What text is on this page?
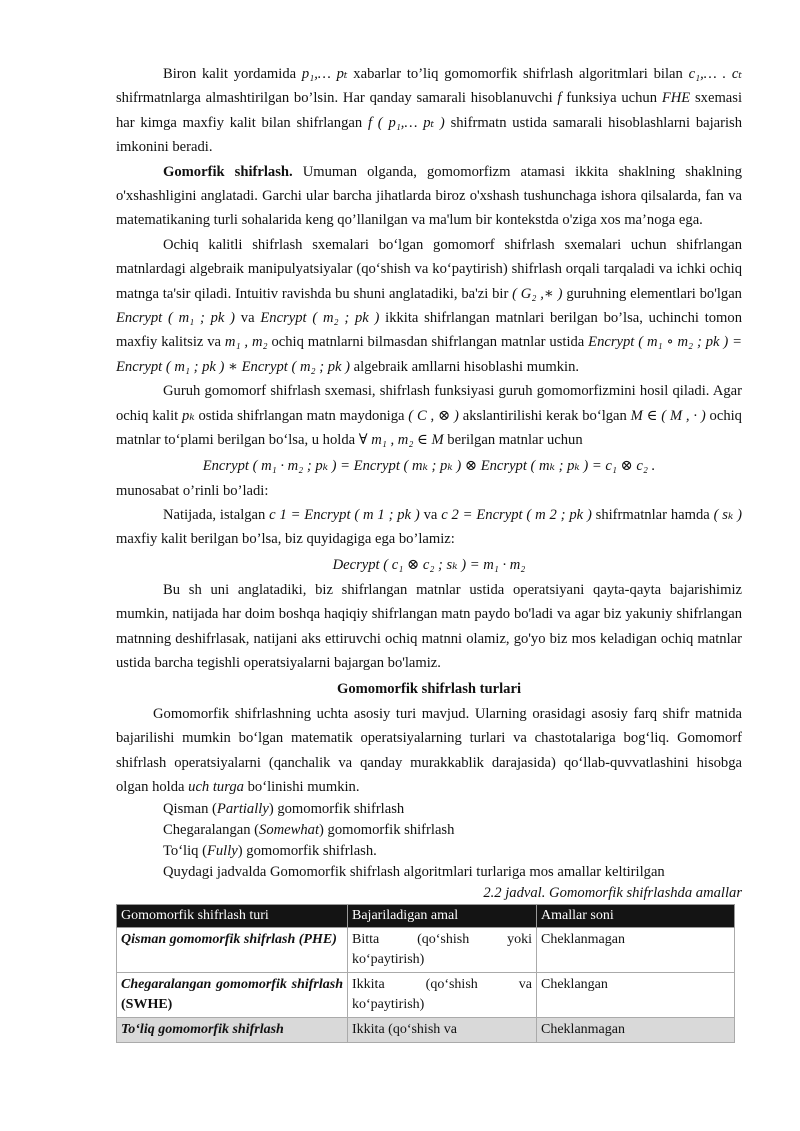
Biron kalit yordamida p₁,… pₜ xabarlar to’liq gomomorfik shifrlash algoritmlari bilan c₁,… . cₜ shifrmatnlarga almashtirilgan bo’lsin. Har qanday samarali hisoblanuvchi f funksiya uchun FHE sxemasi har kimga maxfiy kalit bilan shifrlangan f ( p₁,… pₜ ) shifrmatn ustida samarali hisoblashlarni bajarish imkonini beradi.

Gomorfik shifrlash. Umuman olganda, gomomorfizm atamasi ikkita shaklning shaklning o'xshashligini anglatadi. Garchi ular barcha jihatlarda biroz o'xshash tushunchaga ishora qilsalarda, fan va matematikaning turli sohalarida keng qo’llanilgan va ma'lum bir kontekstda o'ziga xos ma’noga ega.

Ochiq kalitli shifrlash sxemalari bo‘lgan gomomorf shifrlash sxemalari uchun shifrlangan matnlardagi algebraik manipulyatsiyalar (qo‘shish va ko‘paytirish) shifrlash orqali tarqaladi va ichki ochiq matnga ta'sir qiladi. Intuitiv ravishda bu shuni anglatadiki, ba'zi bir ( G₂ ,∗ ) guruhning elementlari bo'lgan Encrypt ( m₁ ; pk ) va Encrypt ( m₂ ; pk ) ikkita shifrlangan matnlari berilgan bo’lsa, uchinchi tomon maxfiy kalitsiz va m₁ , m₂ ochiq matnlarni bilmasdan shifrlangan matnlar ustida Encrypt ( m₁ ∘ m₂ ; pk ) = Encrypt ( m₁ ; pk ) ∗ Encrypt ( m₂ ; pk ) algebraik amllarni hisoblashi mumkin.

Guruh gomomorf shifrlash sxemasi, shifrlash funksiyasi guruh gomomorfizmini hosil qiladi. Agar ochiq kalit pₖ ostida shifrlangan matn maydoniga ( C , ⊗ ) akslantirilishi kerak bo‘lgan M ∈ ( M , · ) ochiq matnlar to‘plami berilgan bo‘lsa, u holda ∀ m₁ , m₂ ∈ M berilgan matnlar uchun

Encrypt ( m₁ · m₂ ; pₖ ) = Encrypt ( mₖ ; pₖ ) ⊗ Encrypt ( mₖ ; pₖ ) = c₁ ⊗ c₂ .

munosabat o’rinli bo’ladi:

Natijada, istalgan c 1 = Encrypt ( m 1 ; pk ) va c 2 = Encrypt ( m 2 ; pk ) shifrmatnlar hamda ( sₖ ) maxfiy kalit berilgan bo’lsa, biz quyidagiga ega bo’lamiz:

Decrypt ( c₁ ⊗ c₂ ; sₖ ) = m₁ · m₂

Bu sh uni anglatadiki, biz shifrlangan matnlar ustida operatsiyani qayta-qayta bajarishimiz mumkin, natijada har doim boshqa haqiqiy shifrlangan matn paydo bo'ladi va agar biz yakuniy shifrlangan matnning deshifrlasak, natijani aks ettiruvchi ochiq matnni olamiz, go'yo biz mos keladigan ochiq matnlar ustida barcha tegishli operatsiyalarni bajargan bo'lamiz.

Gomomorfik shifrlash turlari

Gomomorfik shifrlashning uchta asosiy turi mavjud. Ularning orasidagi asosiy farq shifr matnida bajarilishi mumkin bo‘lgan matematik operatsiyalarning turlari va chastotalariga bog‘liq. Gomomorf shifrlash operatsiyalarni (qanchalik va qanday murakkablik darajasida) qo‘llab-quvvatlashini hisobga olgan holda uch turga bo‘linishi mumkin.

Qisman (Partially) gomomorfik shifrlash

Chegaralangan (Somewhat) gomomorfik shifrlash

To‘liq (Fully) gomomorfik shifrlash.

Quydagi jadvalda Gomomorfik shifrlash algoritmlari turlariga mos amallar keltirilgan

2.2 jadval. Gomomorfik shifrlashda amallar

Gomomorfik shifrlash turi	Bajariladigan amal	Amallar soni
Qisman gomomorfik shifrlash (PHE)	Bitta (qo‘shish yoki ko‘paytirish)	Cheklanmagan
Chegaralangan gomomorfik shifrlash (SWHE)	Ikkita (qo‘shish va ko‘paytirish)	Cheklangan
To‘liq gomomorfik shifrlash	Ikkita (qo‘shish va	Cheklanmagan
